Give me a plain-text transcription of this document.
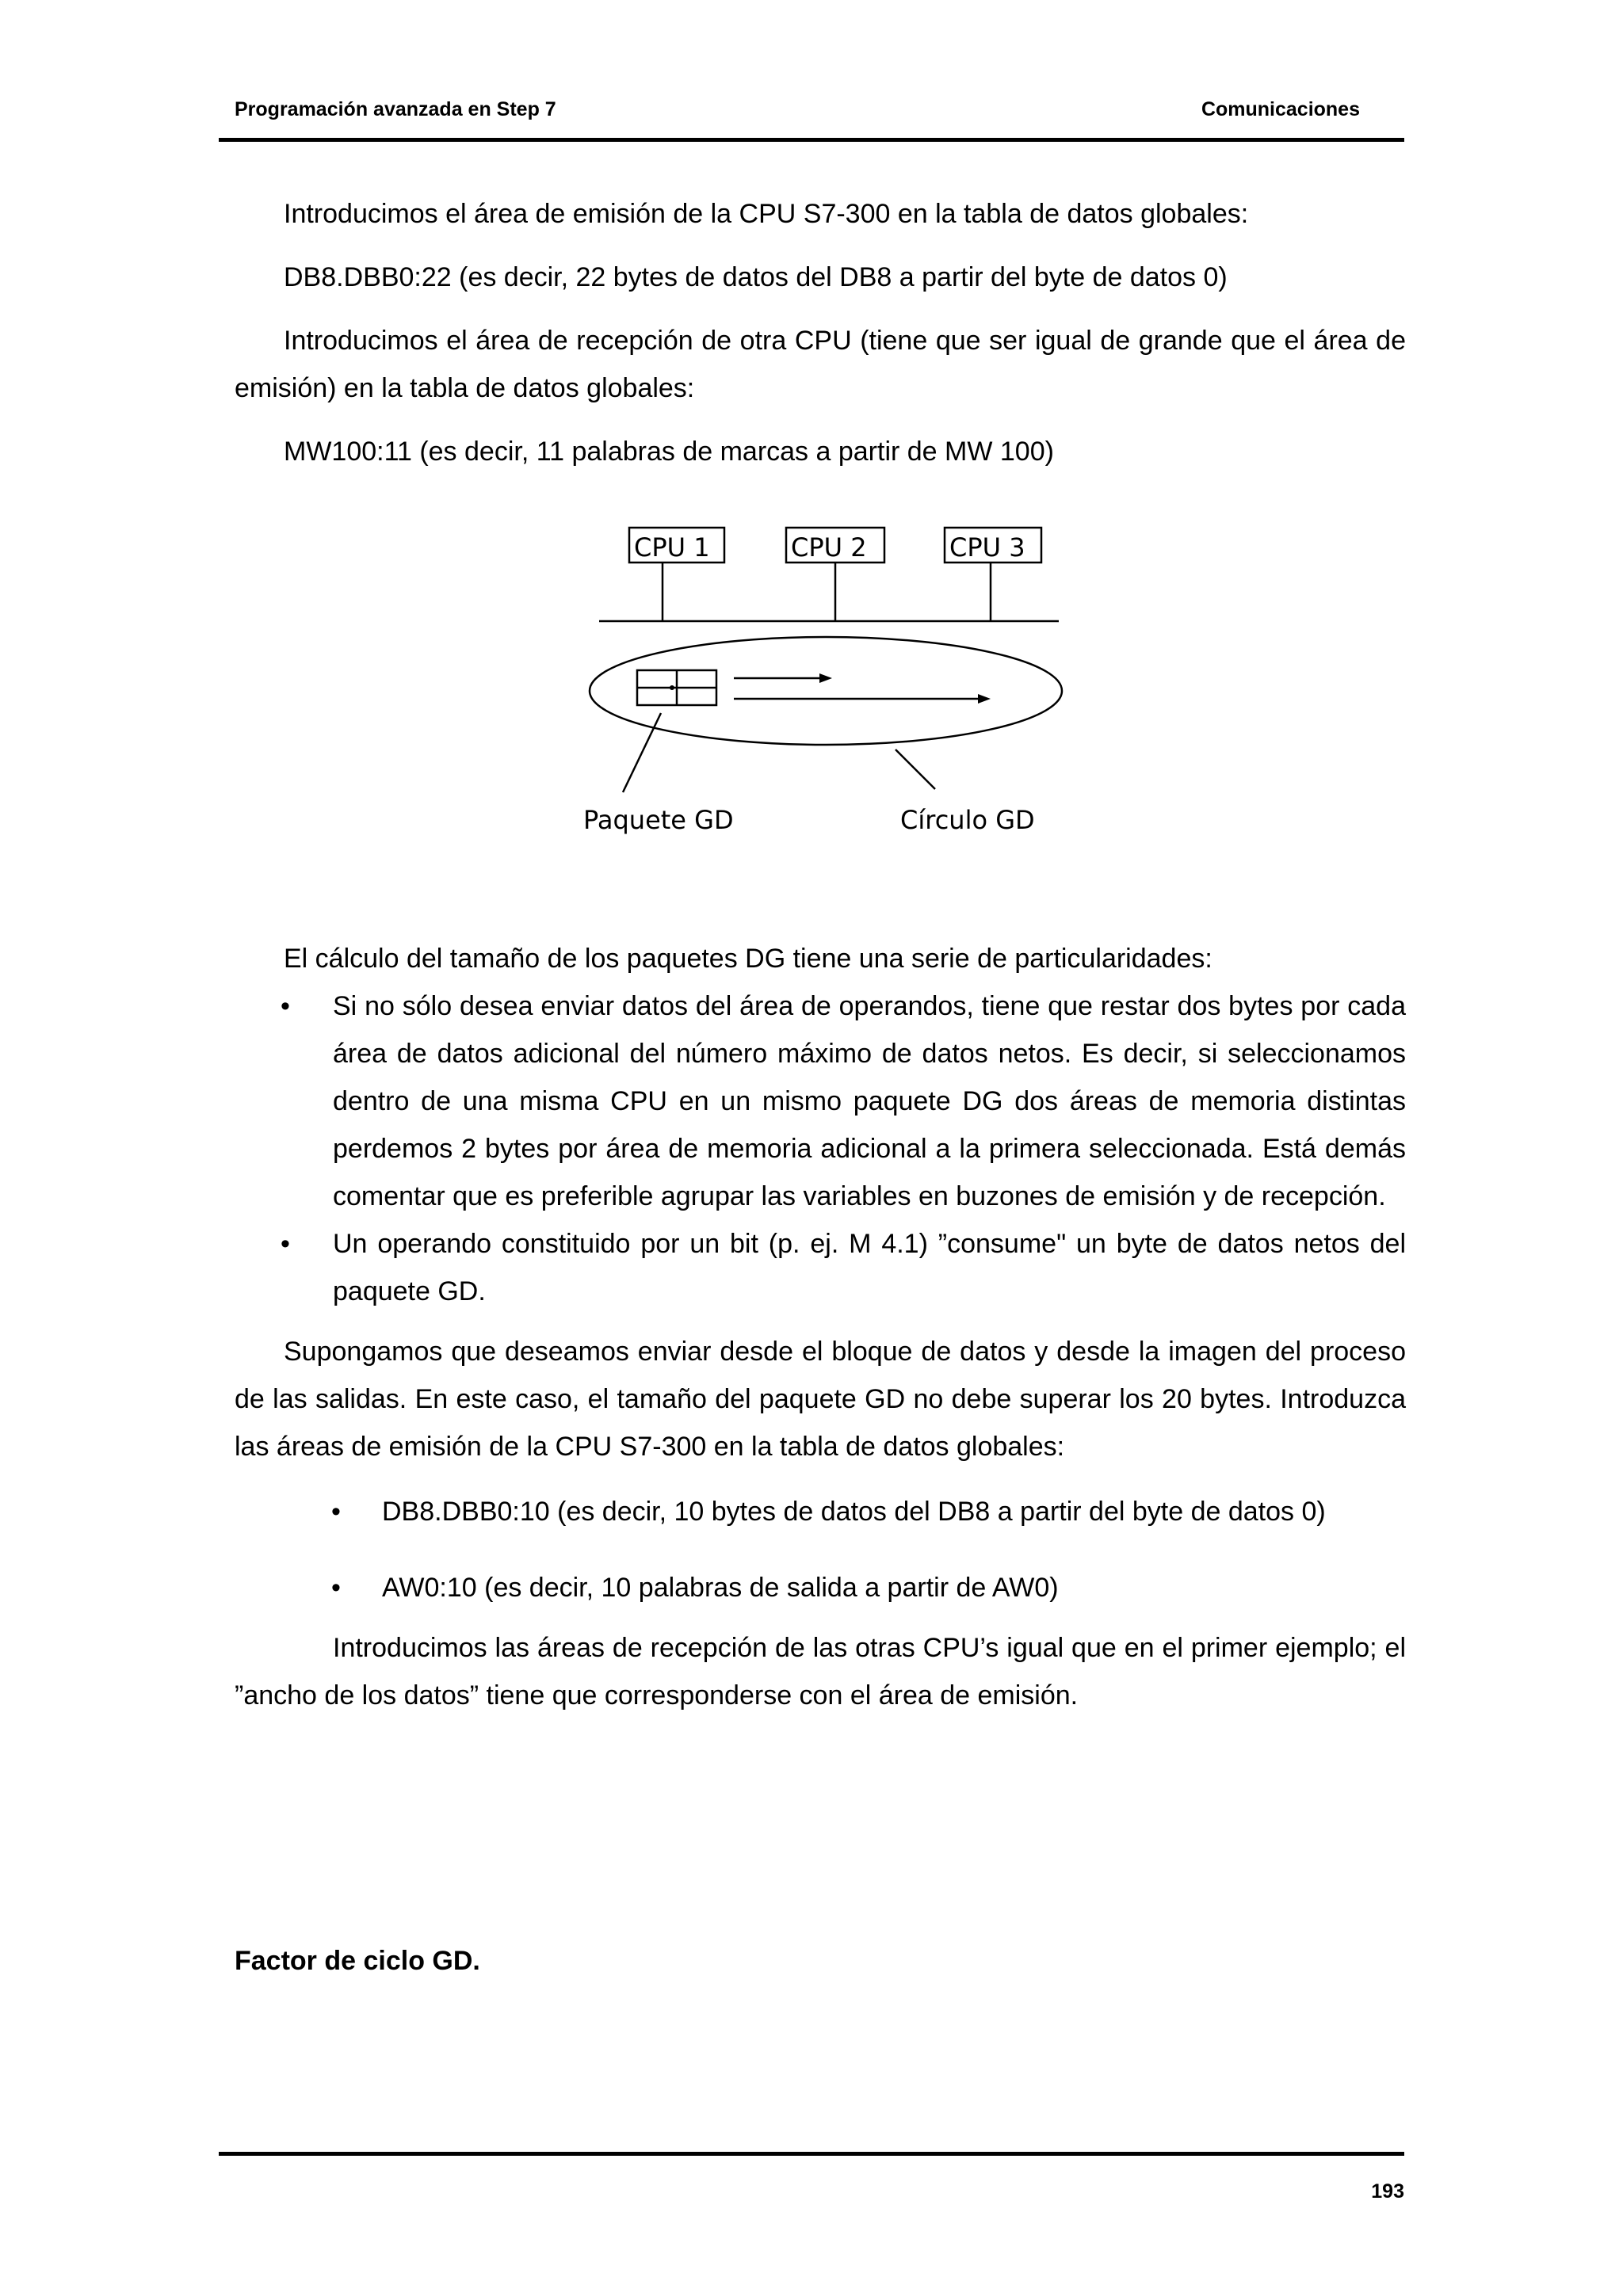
Programación avanzada en Step 7	Comunicaciones

Introducimos el área de emisión de la CPU S7-300 en la tabla de datos globales:

DB8.DBB0:22 (es decir, 22 bytes de datos del DB8 a partir del byte de datos 0)

Introducimos el área de recepción de otra CPU (tiene que ser igual de grande que el área de emisión) en la tabla de datos globales:

MW100:11 (es decir, 11 palabras de marcas a partir de MW 100)

CPU 1	CPU 2	CPU 3
Paquete GD	Círculo GD

El cálculo del tamaño de los paquetes DG tiene una serie de particularidades:

• Si no sólo desea enviar datos del área de operandos, tiene que restar dos bytes por cada área de datos adicional del número máximo de datos netos. Es decir, si seleccionamos dentro de una misma CPU en un mismo paquete DG dos áreas de memoria distintas perdemos 2 bytes por área de memoria adicional a la primera seleccionada. Está demás comentar que es preferible agrupar las variables en buzones de emisión y de recepción.
• Un operando constituido por un bit (p. ej. M 4.1) ”consume" un byte de datos netos del paquete GD.

Supongamos que deseamos enviar desde el bloque de datos y desde la imagen del proceso de las salidas. En este caso, el tamaño del paquete GD no debe superar los 20 bytes. Introduzca las áreas de emisión de la CPU S7-300 en la tabla de datos globales:

• DB8.DBB0:10 (es decir, 10 bytes de datos del DB8 a partir del byte de datos 0)
• AW0:10 (es decir, 10 palabras de salida a partir de AW0)

Introducimos las áreas de recepción de las otras CPU’s igual que en el primer ejemplo; el ”ancho de los datos” tiene que corresponderse con el área de emisión.

Factor de ciclo GD.
193
